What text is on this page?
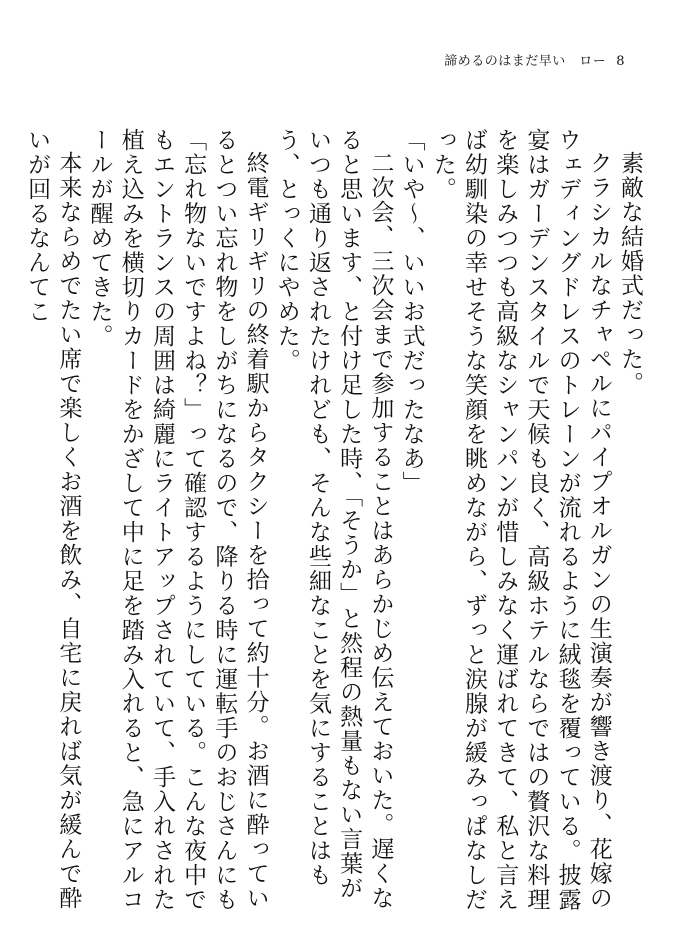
諦めるのはまだ早い　ロー 8

素敵な結婚式だった。

クラシカルなチャペルにパイプオルガンの生演奏が響き渡り、花嫁のウェディングドレスのトレーンが流れるように絨毯を覆っている。披露宴はガーデンスタイルで天候も良く、高級ホテルならではの贅沢な料理を楽しみつつも高級なシャンパンが惜しみなく運ばれてきて、私と言えば幼馴染の幸せそうな笑顔を眺めながら、ずっと涙腺が緩みっぱなしだった。

「いや～、いいお式だったなあ」

二次会、三次会まで参加することはあらかじめ伝えておいた。遅くなると思います、と付け足した時、「そうか」と然程の熱量もない言葉がいつも通り返されたけれども、そんな些細なことを気にすることはもう、とっくにやめた。

終電ギリギリの終着駅からタクシーを拾って約十分。お酒に酔っているとつい忘れ物をしがちになるので、降りる時に運転手のおじさんにも「忘れ物ないですよね？」って確認するようにしている。こんな夜中でもエントランスの周囲は綺麗にライトアップされていて、手入れされた植え込みを横切りカードをかざして中に足を踏み入れると、急にアルコールが醒めてきた。

本来ならめでたい席で楽しくお酒を飲み、自宅に戻れば気が緩んで酔いが回るなんてこ
